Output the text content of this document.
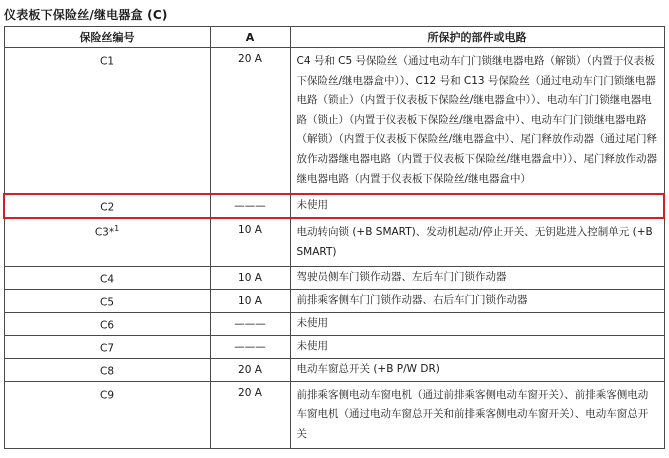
仪表板下保险丝/继电器盒 (C)
保险丝编号	A	所保护的部件或电路
C1	20 A	C4 号和 C5 号保险丝（通过电动车门门锁继电器电路（解锁）（内置于仪表板下保险丝/继电器盒中））、C12 号和 C13 号保险丝（通过电动车门门锁继电器电路（锁止）（内置于仪表板下保险丝/继电器盒中））、电动车门门锁继电器电路（锁止）（内置于仪表板下保险丝/继电器盒中）、电动车门门锁继电器电路（解锁）（内置于仪表板下保险丝/继电器盒中）、尾门释放作动器（通过尾门释放作动器继电器电路（内置于仪表板下保险丝/继电器盒中））、尾门释放作动器继电器电路（内置于仪表板下保险丝/继电器盒中）
C2	———	未使用
C3*$^1$	10 A	电动转向锁 (+B SMART)、发动机起动/停止开关、无钥匙进入控制单元 (+B SMART)
C4	10 A	驾驶员侧车门锁作动器、左后车门门锁作动器
C5	10 A	前排乘客侧车门门锁作动器、右后车门门锁作动器
C6	———	未使用
C7	———	未使用
C8	20 A	电动车窗总开关 (+B P/W DR)
C9	20 A	前排乘客侧电动车窗电机（通过前排乘客侧电动车窗开关）、前排乘客侧电动车窗电机（通过电动车窗总开关和前排乘客侧电动车窗开关）、电动车窗总开关
